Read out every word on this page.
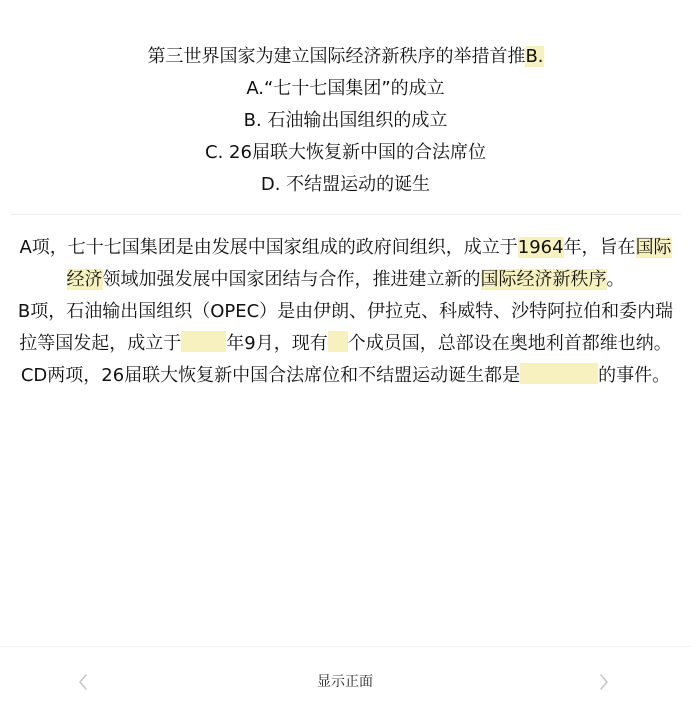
第三世界国家为建立国际经济新秩序的举措首推B.
A.“七十七国集团”的成立
B. 石油输出国组织的成立
C. 26届联大恢复新中国的合法席位
D. 不结盟运动的诞生
A项，七十七国集团是由发展中国家组成的政府间组织，成立于1964年，旨在国际经济领域加强发展中国家团结与合作，推进建立新的国际经济新秩序。
B项，石油输出国组织（OPEC）是由伊朗、伊拉克、科威特、沙特阿拉伯和委内瑞拉等国发起，成立于	年9月，现有 个成员国，总部设在奥地利首都维也纳。
CD两项，26届联大恢复新中国合法席位和不结盟运动诞生都是	的事件。
显示正面
